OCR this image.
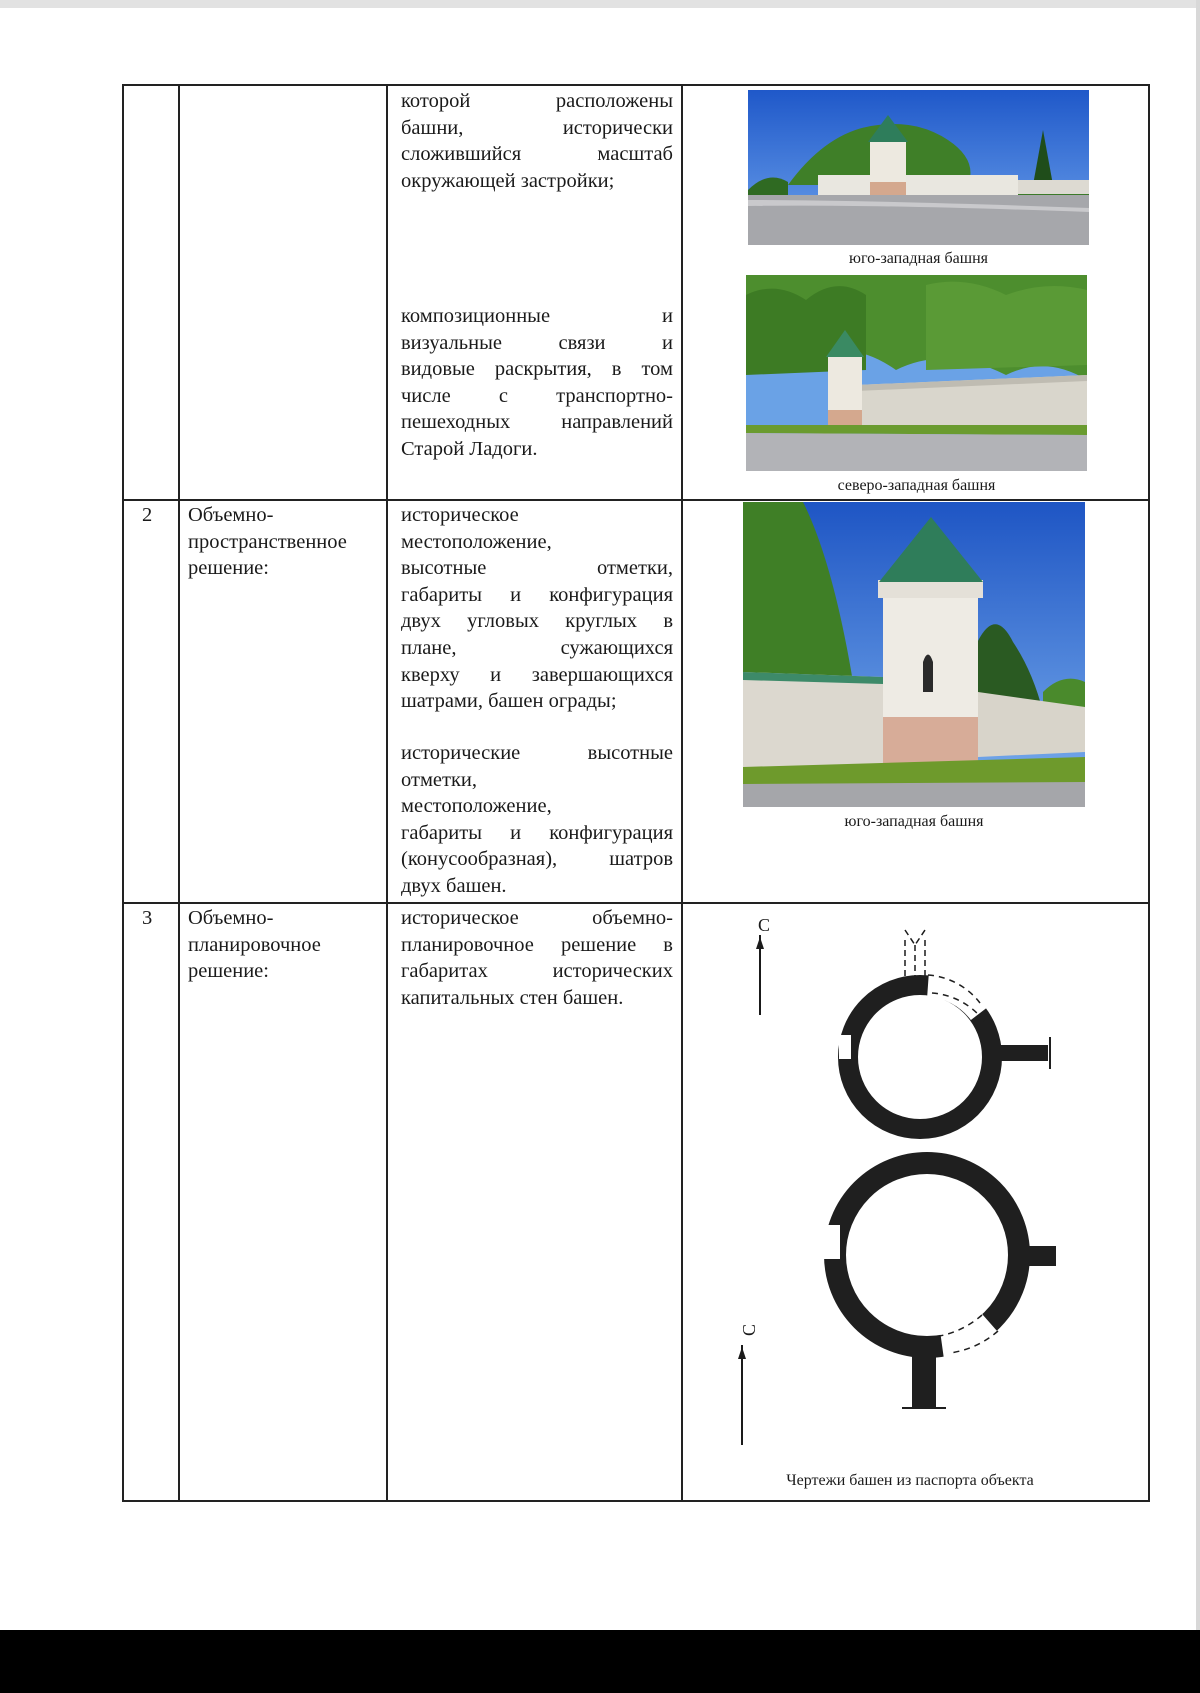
которой расположены
башни, исторически
сложившийся масштаб
окружающей застройки;
композиционные и
визуальные связи и
видовые раскрытия, в том
числе с транспортно-
пешеходных направлений
Старой Ладоги.
юго-западная башня
северо-западная башня
2	Объемно-
пространственное
решение:
историческое
местоположение,
высотные отметки,
габариты и конфигурация
двух угловых круглых в
плане, сужающихся
кверху и завершающихся
шатрами, башен ограды;
исторические высотные
отметки,
местоположение,
габариты и конфигурация
(конусообразная), шатров
двух башен.
юго-западная башня
3	Объемно-
планировочное
решение:
историческое объемно-
планировочное решение в
габаритах исторических
капитальных стен башен.
С
С
Чертежи башен из паспорта объекта
